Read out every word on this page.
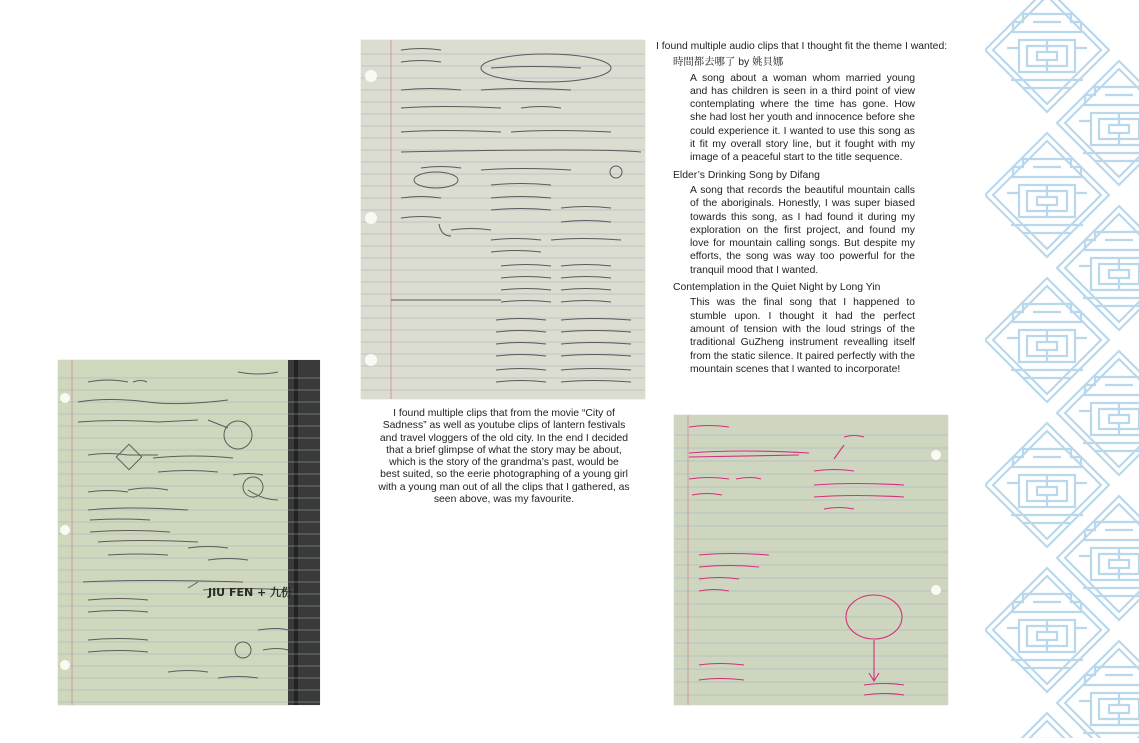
JIU FEN + 九份
I found multiple clips that from the movie “City of Sadness” as well as youtube clips of lantern festivals and travel vloggers of the old city. In the end I decided that a brief glimpse of what the story may be about, which is the story of the grandma’s past, would be best suited, so the eerie photographing of a young girl with a young man out of all the clips that I gathered, as seen above, was my favourite.

I found multiple audio clips that I thought fit the theme I wanted:

時間都去哪了 by 姚貝娜

A song about a woman whom married young and has children is seen in a third point of view contemplating where the time has gone. How she had lost her youth and innocence before she could experience it. I wanted to use this song as it fit my overall story line, but it fought with my image of a peaceful start to the title sequence.

Elder’s Drinking Song by Difang

A song that records the beautiful mountain calls of the aboriginals. Honestly, I was super biased towards this song, as I had found it during my exploration on the first project, and found my love for mountain calling songs. But despite my efforts, the song was way too powerful for the tranquil mood that I wanted.

Contemplation in the Quiet Night by Long Yin

This was the final song that I happened to stumble upon. I thought it had the perfect amount of tension with the loud strings of the traditional GuZheng instrument revealling itself from the static silence. It paired perfectly with the mountain scenes that I wanted to incorporate!
